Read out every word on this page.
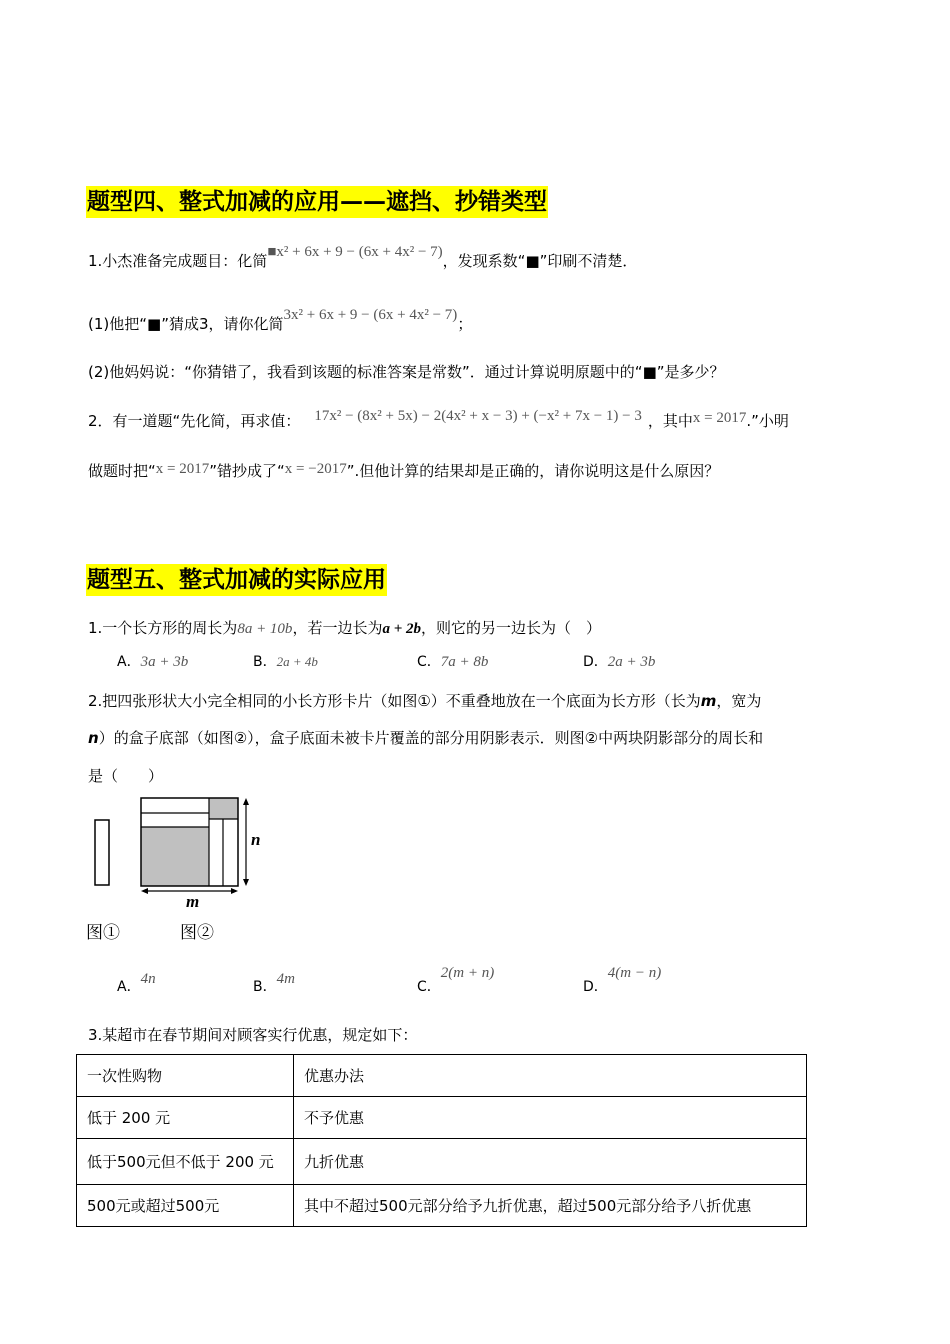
题型四、整式加减的应用——遮挡、抄错类型
1.小杰准备完成题目：化简■x² + 6x + 9 − (6x + 4x² − 7)，发现系数“■”印刷不清楚．
(1)他把“■”猜成3，请你化简3x² + 6x + 9 − (6x + 4x² − 7)；
(2)他妈妈说：“你猜错了，我看到该题的标准答案是常数”．通过计算说明原题中的“■”是多少？
2．有一道题“先化简，再求值： 17x² − (8x² + 5x) − 2(4x² + x − 3) + (−x² + 7x − 1) − 3 ，其中x = 2017.”小明
做题时把“x = 2017”错抄成了“x = −2017”.但他计算的结果却是正确的，请你说明这是什么原因？
题型五、整式加减的实际应用
1.一个长方形的周长为8a + 10b，若一边长为a + 2b，则它的另一边长为（　）
A．3a + 3b	B．2a + 4b	C．7a + 8b	D．2a + 3b
2.把四张形状大小完全相同的小长方形卡片（如图①）不重叠地放在一个底面为长方形（长为m，宽为
n）的盒子底部（如图②），盒子底面未被卡片覆盖的部分用阴影表示．则图②中两块阴影部分的周长和
是（　　）
n
m
图①	图②
A．4n	B．4m	C．2(m + n)
D．4(m − n)
3.某超市在春节期间对顾客实行优惠，规定如下：
一次性购物	优惠办法
低于 200 元	不予优惠
低于500元但不低于 200 元	九折优惠
500元或超过500元	其中不超过500元部分给予九折优惠，超过500元部分给予八折优惠
